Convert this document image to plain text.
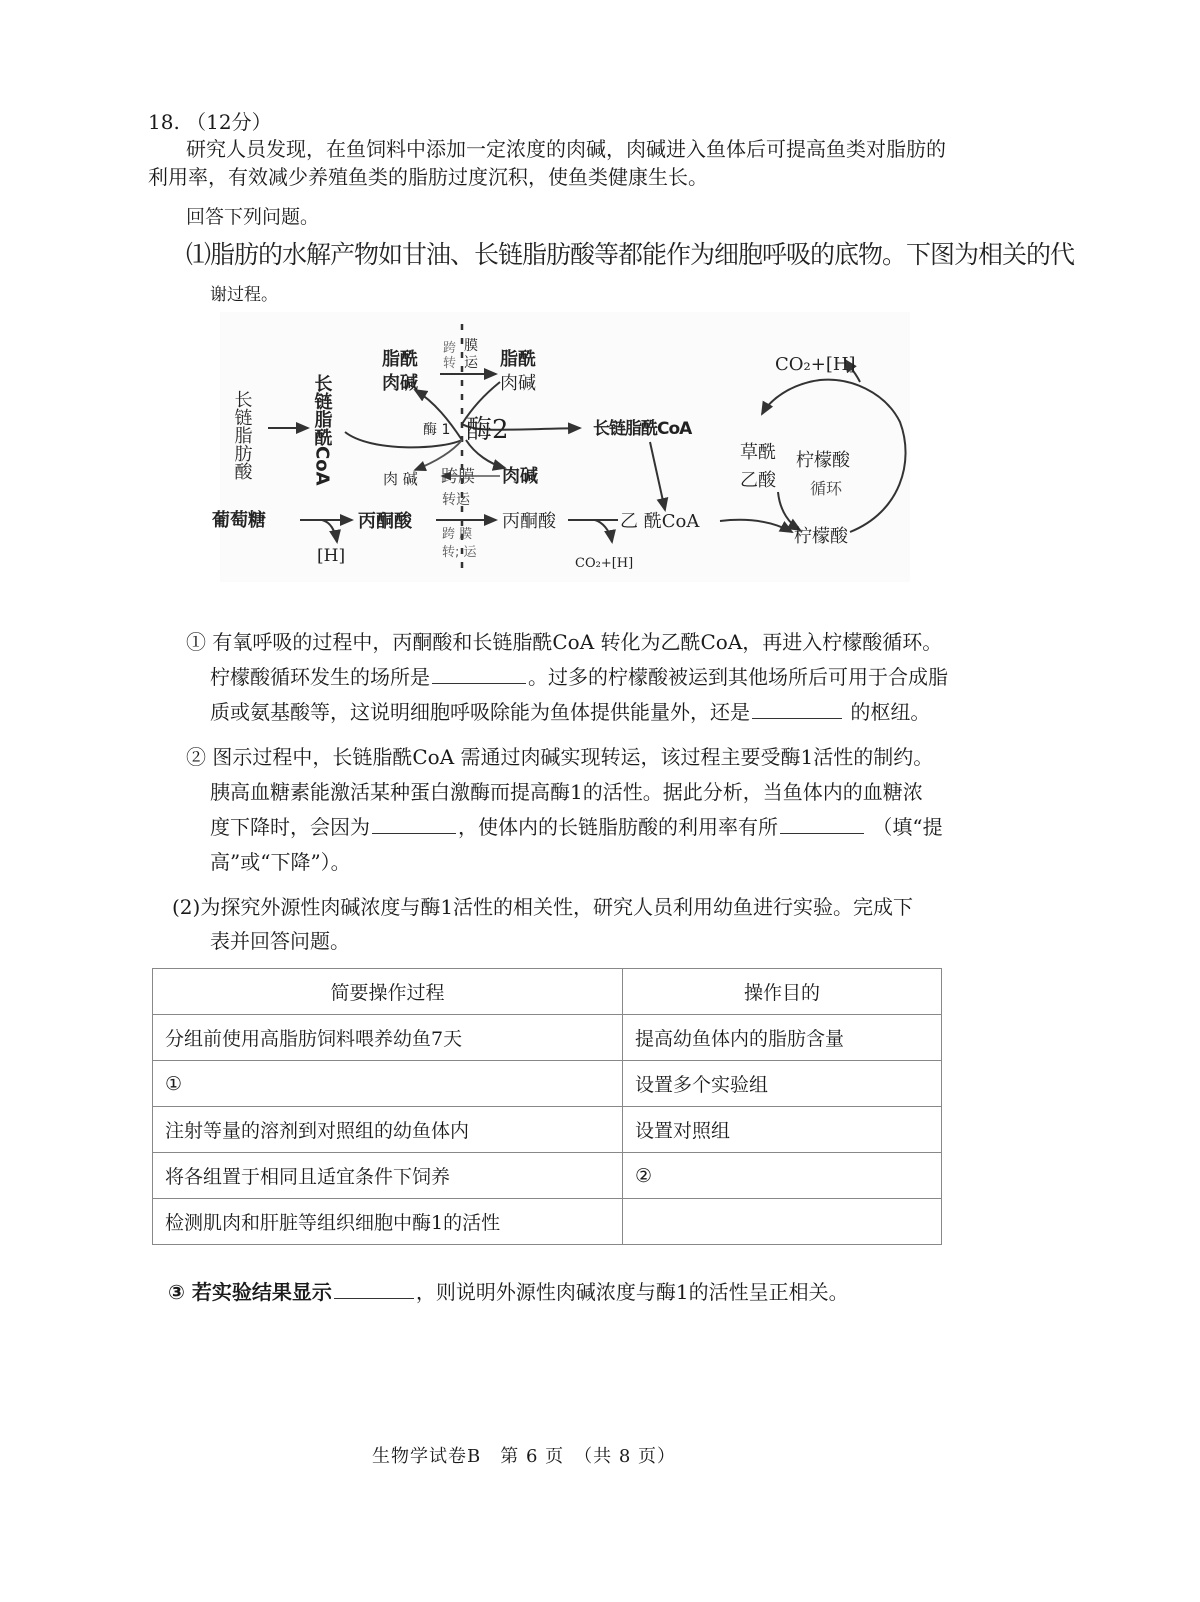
18. （12分）
研究人员发现，在鱼饲料中添加一定浓度的肉碱，肉碱进入鱼体后可提高鱼类对脂肪的
利用率，有效减少养殖鱼类的脂肪过度沉积，使鱼类健康生长。
回答下列问题。
⑴脂肪的水解产物如甘油、长链脂肪酸等都能作为细胞呼吸的底物。下图为相关的代
谢过程。
长链脂肪酸	长链脂酰CoA
脂酰
肉碱
脂酰
肉碱
跨
转
膜
运
酶 1 酶2	长链脂酰CoA
肉 碱 跨膜 肉碱
转运
葡萄糖
[H]
丙酮酸
跨 膜
转; 运
丙酮酸
CO₂+[H]
乙 酰CoA
CO₂+[H]
草酰
乙酸
柠檬酸
循环
柠檬酸
① 有氧呼吸的过程中，丙酮酸和长链脂酰CoA 转化为乙酰CoA，再进入柠檬酸循环。
柠檬酸循环发生的场所是	。过多的柠檬酸被运到其他场所后可用于合成脂
质或氨基酸等，这说明细胞呼吸除能为鱼体提供能量外，还是	的枢纽。
② 图示过程中，长链脂酰CoA 需通过肉碱实现转运，该过程主要受酶1活性的制约。
胰高血糖素能激活某种蛋白激酶而提高酶1的活性。据此分析，当鱼体内的血糖浓
度下降时，会因为	，使体内的长链脂肪酸的利用率有所	（填“提
高”或“下降”）。
(2)为探究外源性肉碱浓度与酶1活性的相关性，研究人员利用幼鱼进行实验。完成下
表并回答问题。
简要操作过程	操作目的
分组前使用高脂肪饲料喂养幼鱼7天	提高幼鱼体内的脂肪含量
①	设置多个实验组
注射等量的溶剂到对照组的幼鱼体内	设置对照组
将各组置于相同且适宜条件下饲养	②
检测肌肉和肝脏等组织细胞中酶1的活性	
③ 若实验结果显示	，则说明外源性肉碱浓度与酶1的活性呈正相关。
生物学试卷B　第 6 页　（共 8 页）
